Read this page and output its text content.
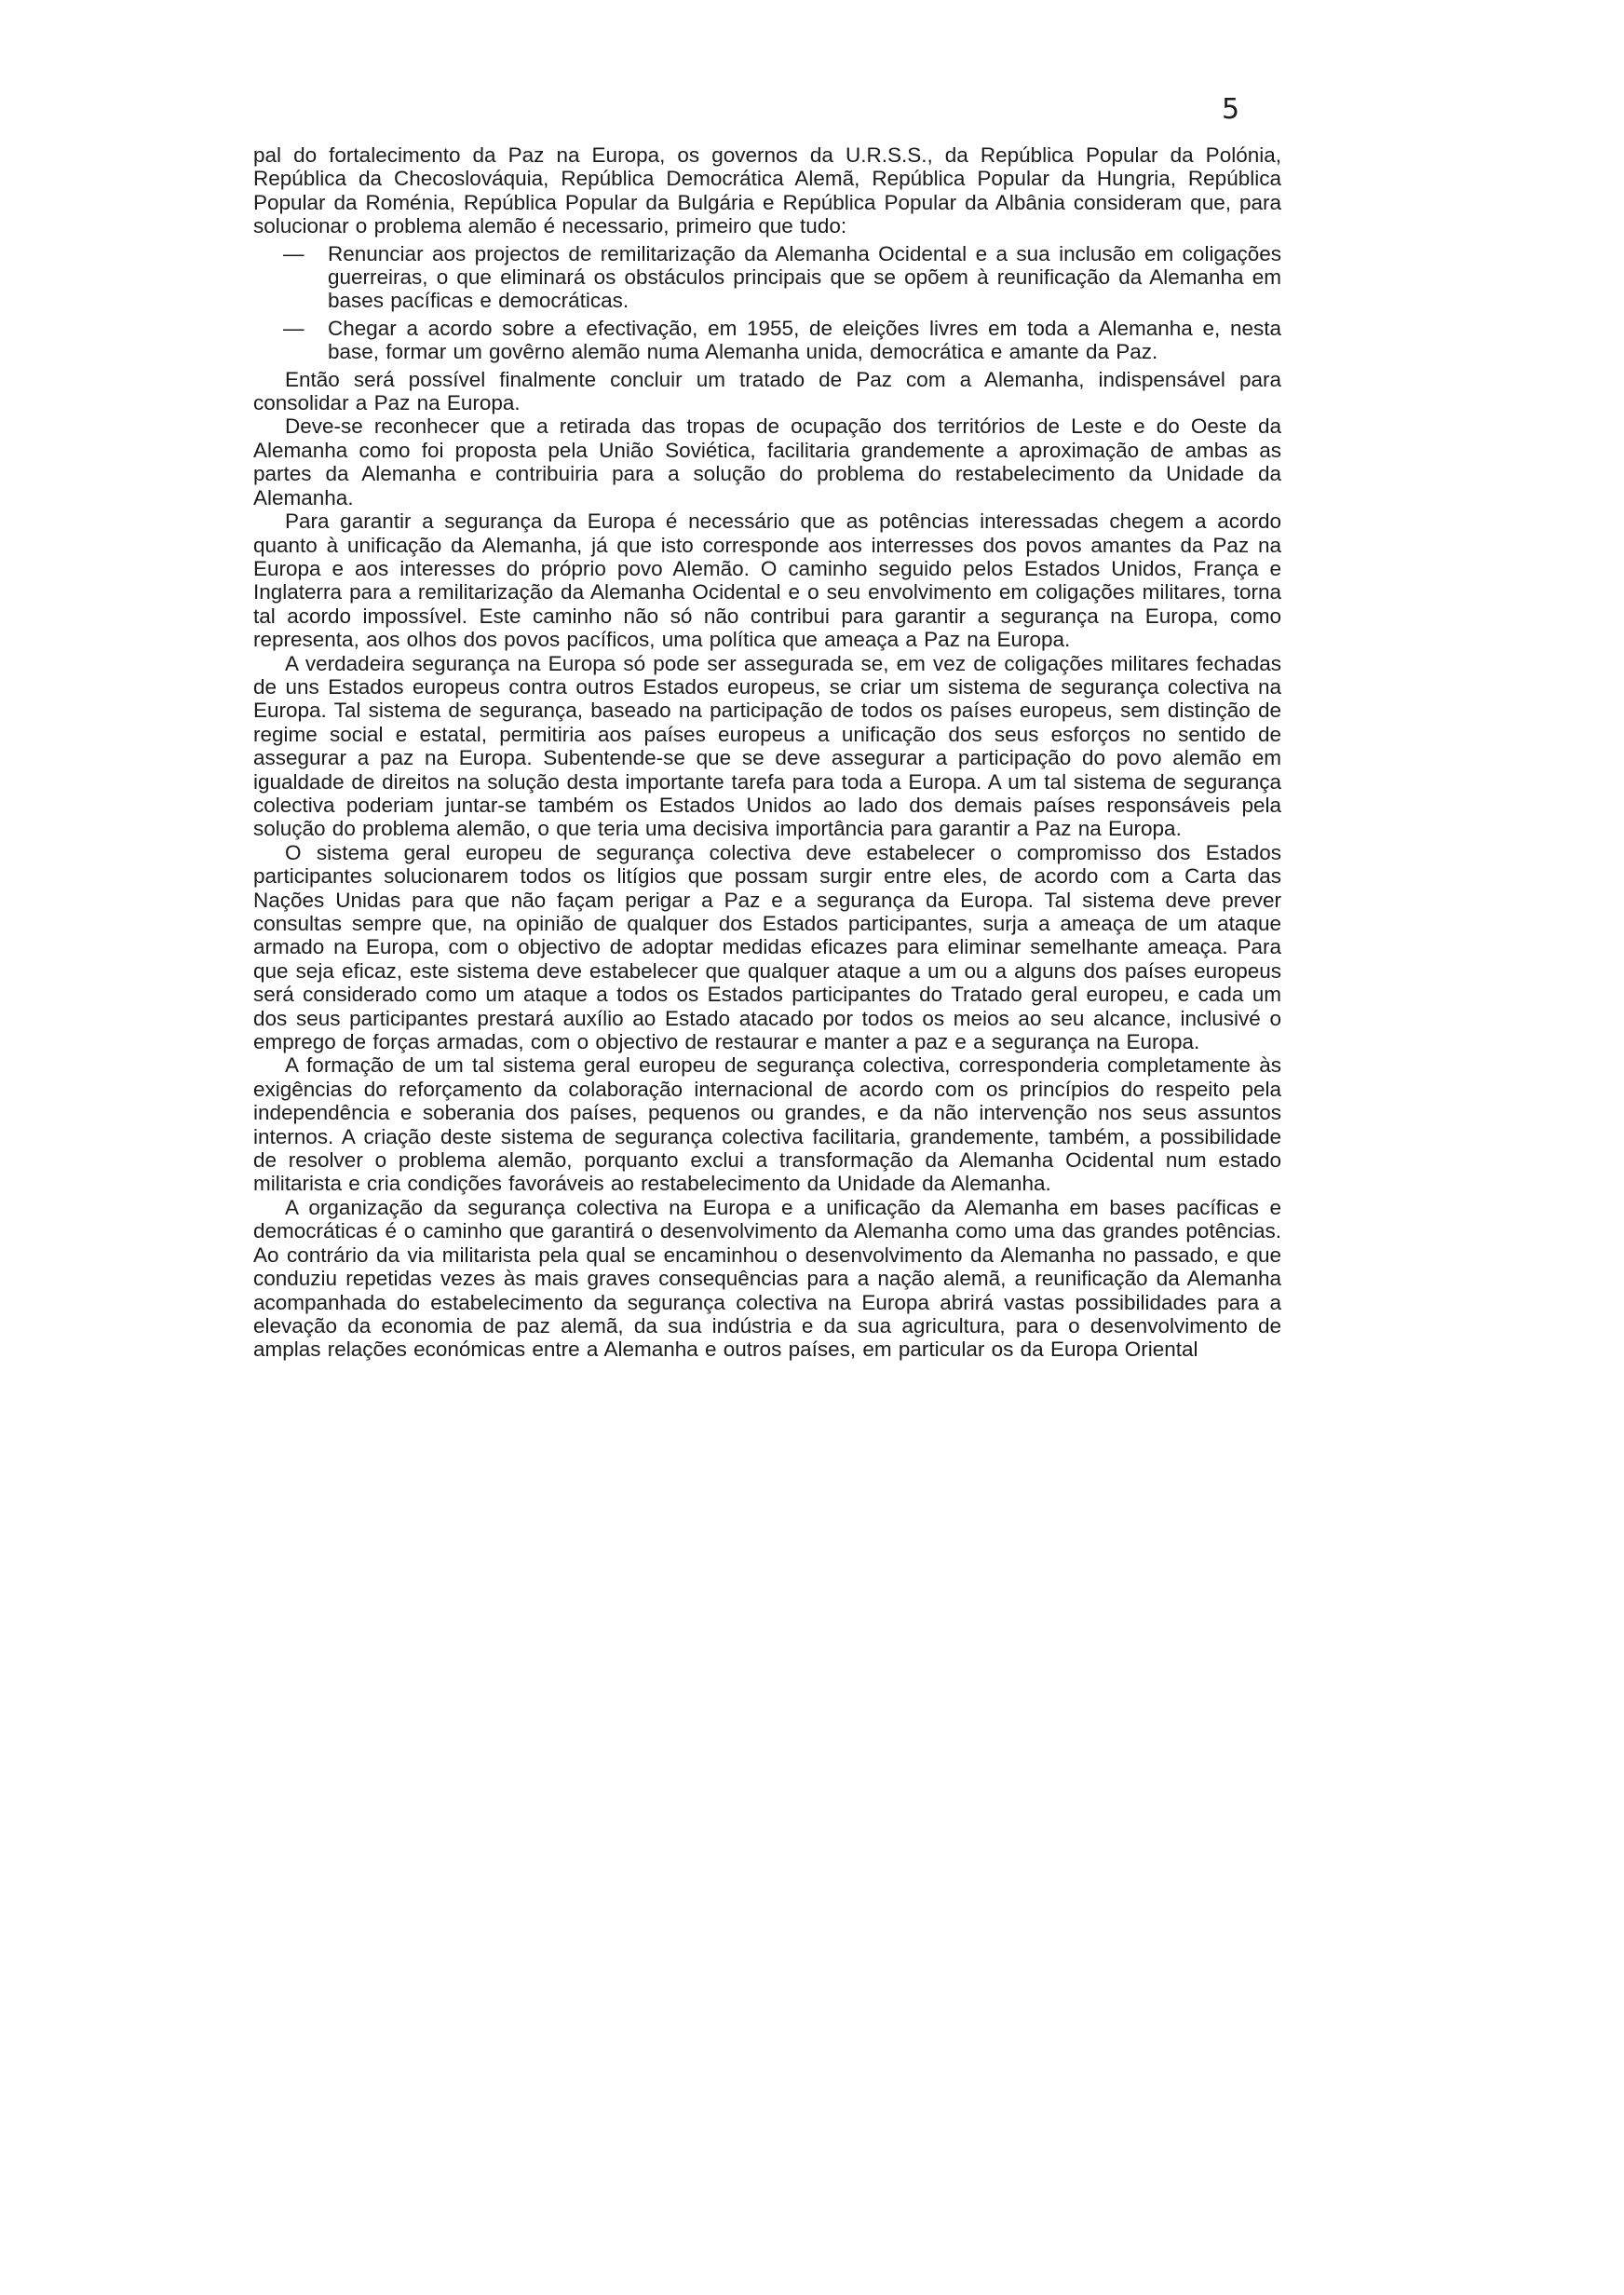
5

pal do fortalecimento da Paz na Europa, os governos da U.R.S.S., da República Popular da Polónia, República da Checoslováquia, República Democrática Alemã, República Popular da Hungria, República Popular da Roménia, República Popular da Bulgária e República Popular da Albânia consideram que, para solucionar o problema alemão é necessario, primeiro que tudo:

— Renunciar aos projectos de remilitarização da Alemanha Ocidental e a sua inclusão em coligações guerreiras, o que eliminará os obstáculos principais que se opõem à reunificação da Alemanha em bases pacíficas e democráticas.
— Chegar a acordo sobre a efectivação, em 1955, de eleições livres em toda a Alemanha e, nesta base, formar um govêrno alemão numa Alemanha unida, democrática e amante da Paz.

Então será possível finalmente concluir um tratado de Paz com a Alemanha, indispensável para consolidar a Paz na Europa.

Deve-se reconhecer que a retirada das tropas de ocupação dos territórios de Leste e do Oeste da Alemanha como foi proposta pela União Soviética, facilitaria grandemente a aproximação de ambas as partes da Alemanha e contribuiria para a solução do problema do restabelecimento da Unidade da Alemanha.

Para garantir a segurança da Europa é necessário que as potências interessadas chegem a acordo quanto à unificação da Alemanha, já que isto corresponde aos interresses dos povos amantes da Paz na Europa e aos interesses do próprio povo Alemão. O caminho seguido pelos Estados Unidos, França e Inglaterra para a remilitarização da Alemanha Ocidental e o seu envolvimento em coligações militares, torna tal acordo impossível. Este caminho não só não contribui para garantir a segurança na Europa, como representa, aos olhos dos povos pacíficos, uma política que ameaça a Paz na Europa.

A verdadeira segurança na Europa só pode ser assegurada se, em vez de coligações militares fechadas de uns Estados europeus contra outros Estados europeus, se criar um sistema de segurança colectiva na Europa. Tal sistema de segurança, baseado na participação de todos os países europeus, sem distinção de regime social e estatal, permitiria aos países europeus a unificação dos seus esforços no sentido de assegurar a paz na Europa. Subentende-se que se deve assegurar a participação do povo alemão em igualdade de direitos na solução desta importante tarefa para toda a Europa. A um tal sistema de segurança colectiva poderiam juntar-se também os Estados Unidos ao lado dos demais países responsáveis pela solução do problema alemão, o que teria uma decisiva importância para garantir a Paz na Europa.

O sistema geral europeu de segurança colectiva deve estabelecer o compromisso dos Estados participantes solucionarem todos os litígios que possam surgir entre eles, de acordo com a Carta das Nações Unidas para que não façam perigar a Paz e a segurança da Europa. Tal sistema deve prever consultas sempre que, na opinião de qualquer dos Estados participantes, surja a ameaça de um ataque armado na Europa, com o objectivo de adoptar medidas eficazes para eliminar semelhante ameaça. Para que seja eficaz, este sistema deve estabelecer que qualquer ataque a um ou a alguns dos países europeus será considerado como um ataque a todos os Estados participantes do Tratado geral europeu, e cada um dos seus participantes prestará auxílio ao Estado atacado por todos os meios ao seu alcance, inclusivé o emprego de forças armadas, com o objectivo de restaurar e manter a paz e a segurança na Europa.

A formação de um tal sistema geral europeu de segurança colectiva, corresponderia completamente às exigências do reforçamento da colaboração internacional de acordo com os princípios do respeito pela independência e soberania dos países, pequenos ou grandes, e da não intervenção nos seus assuntos internos. A criação deste sistema de segurança colectiva facilitaria, grandemente, também, a possibilidade de resolver o problema alemão, porquanto exclui a transformação da Alemanha Ocidental num estado militarista e cria condições favoráveis ao restabelecimento da Unidade da Alemanha.

A organização da segurança colectiva na Europa e a unificação da Alemanha em bases pacíficas e democráticas é o caminho que garantirá o desenvolvimento da Alemanha como uma das grandes potências. Ao contrário da via militarista pela qual se encaminhou o desenvolvimento da Alemanha no passado, e que conduziu repetidas vezes às mais graves consequências para a nação alemã, a reunificação da Alemanha acompanhada do estabelecimento da segurança colectiva na Europa abrirá vastas possibilidades para a elevação da economia de paz alemã, da sua indústria e da sua agricultura, para o desenvolvimento de amplas relações económicas entre a Alemanha e outros países, em particular os da Europa Oriental
